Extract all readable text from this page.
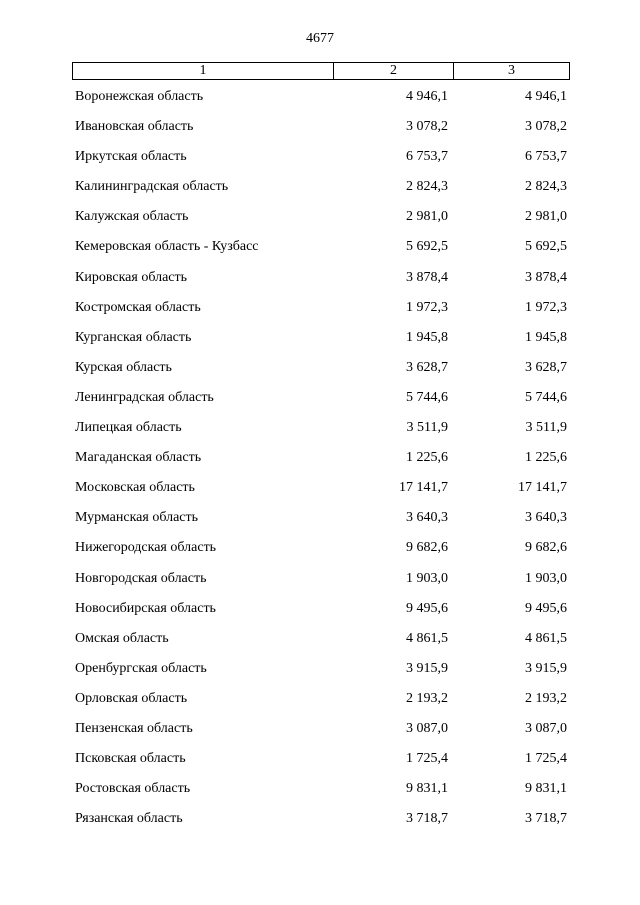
4677
1	2	3
Воронежская область	4 946,1	4 946,1
Ивановская область	3 078,2	3 078,2
Иркутская область	6 753,7	6 753,7
Калининградская область	2 824,3	2 824,3
Калужская область	2 981,0	2 981,0
Кемеровская область - Кузбасс	5 692,5	5 692,5
Кировская область	3 878,4	3 878,4
Костромская область	1 972,3	1 972,3
Курганская область	1 945,8	1 945,8
Курская область	3 628,7	3 628,7
Ленинградская область	5 744,6	5 744,6
Липецкая область	3 511,9	3 511,9
Магаданская область	1 225,6	1 225,6
Московская область	17 141,7	17 141,7
Мурманская область	3 640,3	3 640,3
Нижегородская область	9 682,6	9 682,6
Новгородская область	1 903,0	1 903,0
Новосибирская область	9 495,6	9 495,6
Омская область	4 861,5	4 861,5
Оренбургская область	3 915,9	3 915,9
Орловская область	2 193,2	2 193,2
Пензенская область	3 087,0	3 087,0
Псковская область	1 725,4	1 725,4
Ростовская область	9 831,1	9 831,1
Рязанская область	3 718,7	3 718,7
